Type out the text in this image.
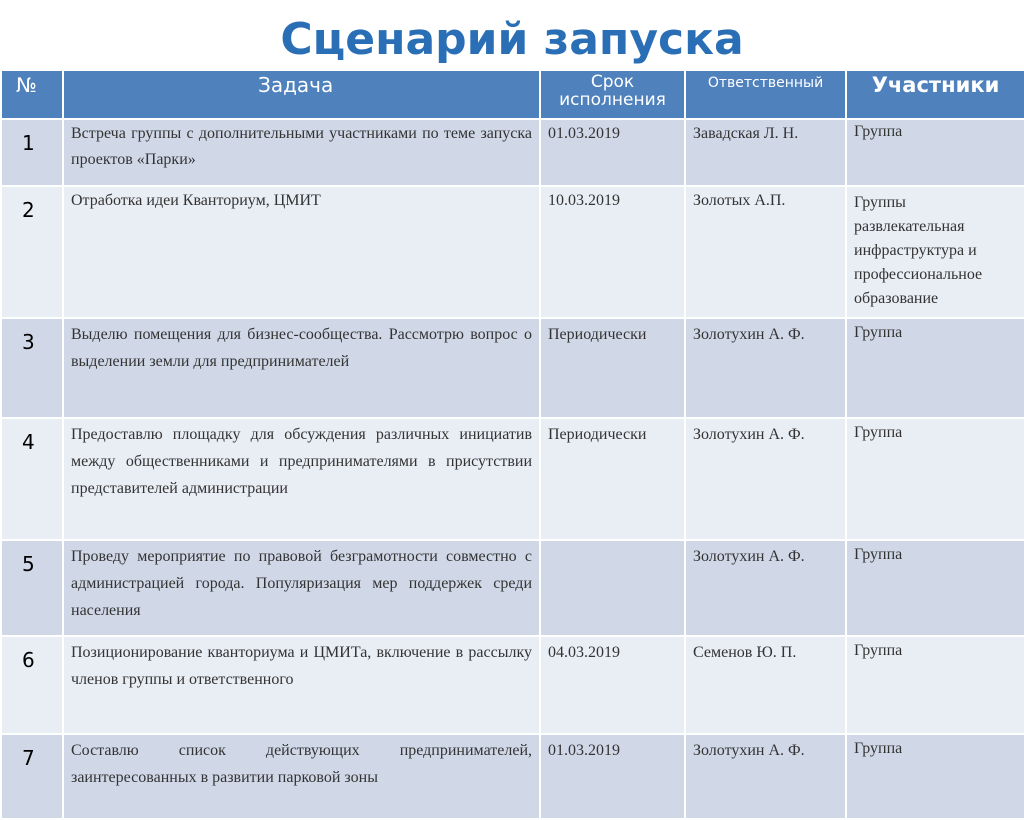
Сценарий запуска
№	Задача	Срок исполнения	Ответственный	Участники
1	Встреча группы с дополнительными участниками по теме запуска проектов «Парки»	01.03.2019	Завадская Л. Н.	Группа
2	Отработка идеи Кванториум, ЦМИТ	10.03.2019	Золотых А.П.	Группы развлекательная инфраструктура и профессиональное образование
3	Выделю помещения для бизнес-сообщества. Рассмотрю вопрос о выделении земли для предпринимателей	Периодически	Золотухин А. Ф.	Группа
4	Предоставлю площадку для обсуждения различных инициатив между общественниками и предпринимателями в присутствии представителей администрации	Периодически	Золотухин А. Ф.	Группа
5	Проведу мероприятие по правовой безграмотности совместно с администрацией города. Популяризация мер поддержек среди населения		Золотухин А. Ф.	Группа
6	Позиционирование кванториума и ЦМИТа, включение в рассылку членов группы и ответственного	04.03.2019	Семенов Ю. П.	Группа
7	Составлю список действующих предпринимателей, заинтересованных в развитии парковой зоны	01.03.2019	Золотухин А. Ф.	Группа
